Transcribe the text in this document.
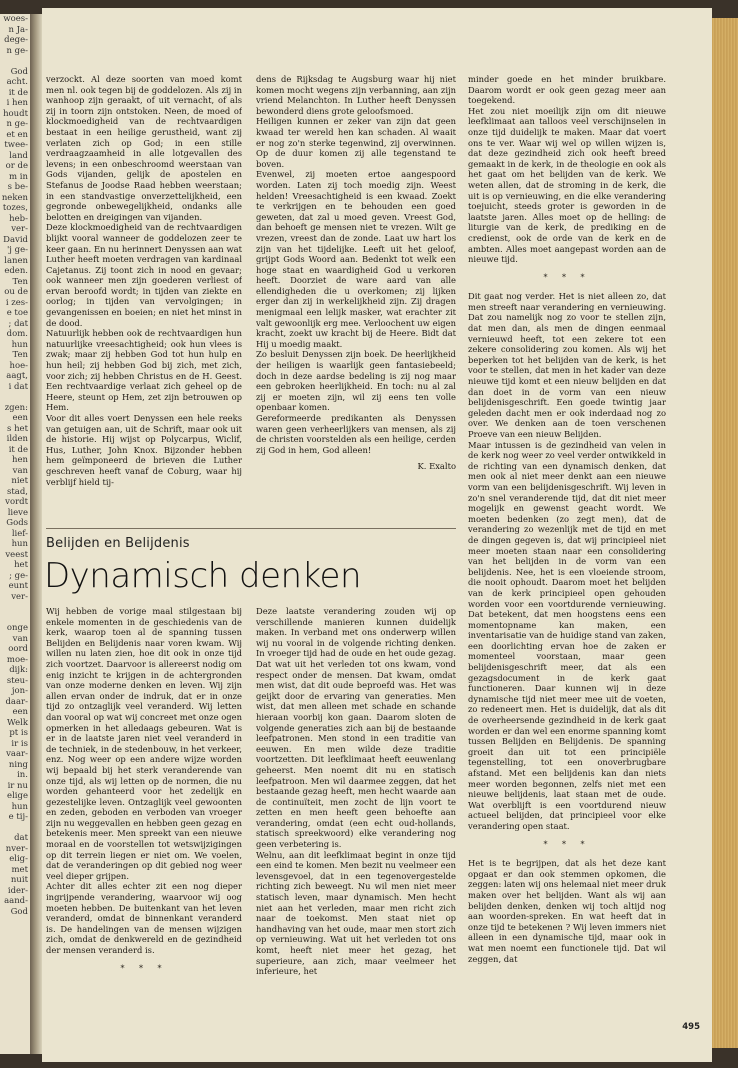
woes-
n Ja-
dege-
n ge-

God
acht.
it de
i hen
houdt
n ge-
et en
twee-
land
or de
m in
s be-
neken
tozes,
heb-
ver-
David
'j ge-
lanen
eden.
Ten
ou de
i zes-
e toe
; dat
dom.
hun
Ten
hoe-
aagt,
i dat

zgen:
een
s het
ilden
it de
hen
van
niet
stad,
vordt
lieve
Gods
lief-
hun
veest
het
; ge-
eunt
ver-

onge
van
oord
moe-
dijk:
steu-
jon-
daar-
een
Welk
pt is
ir is
vaar-
ning
in.
ir nu
elige
hun
e tij-

dat
nver-
elig-
met
nuit
ider-
aand-
God

verzockt. Al deze soorten van moed komt men nl. ook tegen bij de goddelozen. Als zij in wanhoop zijn geraakt, of uit vernacht, of als zij in toorn zijn ontstoken. Neen, de moed of klockmoedigheid van de rechtvaardigen bestaat in een heilige gerustheid, want zij verlaten zich op God; in een stille verdraagzaamheid in alle lotgevallen des levens; in een onbeschroomd weerstaan van Gods vijanden, gelijk de apostelen en Stefanus de Joodse Raad hebben weerstaan; in een standvastige onverzettelijkheid, een gegronde onbewegelijkheid, ondanks alle belotten en dreigingen van vijanden.

Deze klockmoedigheid van de rechtvaardigen blijkt vooral wanneer de goddelozen zeer te keer gaan. En nu herinnert Denyssen aan wat Luther heeft moeten verdragen van kardinaal Cajetanus. Zij toont zich in nood en gevaar; ook wanneer men zijn goederen verliest of ervan beroofd wordt; in tijden van ziekte en oorlog; in tijden van vervolgingen; in gevangenissen en boeien; en niet het minst in de dood.

Natuurlijk hebben ook de rechtvaardigen hun natuurlijke vreesachtigheid; ook hun vlees is zwak; maar zij hebben God tot hun hulp en hun heil; zij hebben God bij zich, met zich, voor zich; zij hebben Christus en de H. Geest. Een rechtvaardige verlaat zich geheel op de Heere, steunt op Hem, zet zijn betrouwen op Hem.

Voor dit alles voert Denyssen een hele reeks van getuigen aan, uit de Schrift, maar ook uit de historie. Hij wijst op Polycarpus, Wiclif, Hus, Luther, John Knox. Bijzonder hebben hem geïmponeerd de brieven die Luther geschreven heeft vanaf de Coburg, waar hij verblijf hield tij-

dens de Rijksdag te Augsburg waar hij niet komen mocht wegens zijn verbanning, aan zijn vriend Melanchton. In Luther heeft Denyssen bewonderd diens grote geloofsmoed.

Heiligen kunnen er zeker van zijn dat geen kwaad ter wereld hen kan schaden. Al waait er nog zo'n sterke tegenwind, zij overwinnen. Op de duur komen zij alle tegenstand te boven.

Evenwel, zij moeten ertoe aangespoord worden. Laten zij toch moedig zijn. Weest helden! Vreesachtigheid is een kwaad. Zoekt te verkrijgen en te behouden een goed geweten, dat zal u moed geven. Vreest God, dan behoeft ge mensen niet te vrezen. Wilt ge vrezen, vreest dan de zonde. Laat uw hart los zijn van het tijdelijke. Leeft uit het geloof, grijpt Gods Woord aan. Bedenkt tot welk een hoge staat en waardigheid God u verkoren heeft. Doorziet de ware aard van alle ellendigheden die u overkomen; zij lijken erger dan zij in werkelijkheid zijn. Zij dragen menigmaal een lelijk masker, wat erachter zit valt gewoonlijk erg mee. Verloochent uw eigen kracht, zoekt uw kracht bij de Heere. Bidt dat Hij u moedig maakt.

Zo besluit Denyssen zijn boek. De heerlijkheid der heiligen is waarlijk geen fantasiebeeld; doch in deze aardse bedeling is zij nog maar een gebroken heerlijkheid. En toch: nu al zal zij er moeten zijn, wil zij eens ten volle openbaar komen.

Gereformeerde predikanten als Denyssen waren geen verheerlijkers van mensen, als zij de christen voorstelden als een heilige, cerden zij God in hem, God alleen!

K. Exalto
Belijden en Belijdenis
Dynamisch denken

Wij hebben de vorige maal stilgestaan bij enkele momenten in de geschiedenis van de kerk, waarop toen al de spanning tussen Belijden en Belijdenis naar voren kwam. Wij willen nu laten zien, hoe dit ook in onze tijd zich voortzet. Daarvoor is allereerst nodig om enig inzicht te krijgen in de achtergronden van onze moderne denken en leven. Wij zijn allen ervan onder de indruk, dat er in onze tijd zo ontzaglijk veel veranderd. Wij letten dan vooral op wat wij concreet met onze ogen opmerken in het alledaags gebeuren. Wat is er in de laatste jaren niet veel veranderd in de techniek, in de stedenbouw, in het verkeer, enz. Nog weer op een andere wijze worden wij bepaald bij het sterk veranderende van onze tijd, als wij letten op de normen, die nu worden gehanteerd voor het zedelijk en gezestelijke leven. Ontzaglijk veel gewoonten en zeden, geboden en verboden van vroeger zijn nu weggevallen en hebben geen gezag en betekenis meer. Men spreekt van een nieuwe moraal en de voorstellen tot wetswijzigingen op dit terrein liegen er niet om. We voelen, dat de veranderingen op dit gebied nog weer veel dieper grijpen.

Achter dit alles echter zit een nog dieper ingrijpende verandering, waarvoor wij oog moeten hebben. De buitenkant van het leven veranderd, omdat de binnenkant veranderd is. De handelingen van de mensen wijzigen zich, omdat de denkwereld en de gezindheid der mensen veranderd is.

* * *

Deze laatste verandering zouden wij op verschillende manieren kunnen duidelijk maken. In verband met ons onderwerp willen wij nu vooral in de volgende richting denken. In vroeger tijd had de oude en het oude gezag. Dat wat uit het verleden tot ons kwam, vond respect onder de mensen. Dat kwam, omdat men wist, dat dit oude beproefd was. Het was geijkt door de ervaring van generaties. Men wist, dat men alleen met schade en schande hieraan voorbij kon gaan. Daarom sloten de volgende generaties zich aan bij de bestaande leefpatronen. Men stond in een traditie van eeuwen. En men wilde deze traditie voortzetten. Dit leefklimaat heeft eeuwenlang geheerst. Men noemt dit nu en statisch leefpatroon. Men wil daarmee zeggen, dat het bestaande gezag heeft, men hecht waarde aan de continuïteit, men zocht de lijn voort te zetten en men heeft geen behoefte aan verandering, omdat (een echt oud-hollands, statisch spreekwoord) elke verandering nog geen verbetering is.

Welnu, aan dit leefklimaat begint in onze tijd een eind te komen. Men bezit nu veelmeer een levensgevoel, dat in een tegenovergestelde richting zich beweegt. Nu wil men niet meer statisch leven, maar dynamisch. Men hecht niet aan het verleden, maar men richt zich naar de toekomst. Men staat niet op handhaving van het oude, maar men stort zich op vernieuwing. Wat uit het verleden tot ons komt, heeft niet meer het gezag, het superieure, aan zich, maar veelmeer het inferieure, het

minder goede en het minder bruikbare. Daarom wordt er ook geen gezag meer aan toegekend.

Het zou niet moeilijk zijn om dit nieuwe leefklimaat aan talloos veel verschijnselen in onze tijd duidelijk te maken. Maar dat voert ons te ver. Waar wij wel op willen wijzen is, dat deze gezindheid zich ook heeft breed gemaakt in de kerk, in de theologie en ook als het gaat om het belijden van de kerk. We weten allen, dat de stroming in de kerk, die uit is op vernieuwing, en die elke verandering toejuicht, steeds groter is geworden in de laatste jaren. Alles moet op de helling: de liturgie van de kerk, de prediking en de credienst, ook de orde van de kerk en de ambten. Alles moet aangepast worden aan de nieuwe tijd.

* * *

Dit gaat nog verder. Het is niet alleen zo, dat men streeft naar verandering en vernieuwing. Dat zou namelijk nog zo voor te stellen zijn, dat men dan, als men de dingen eenmaal vernieuwd heeft, tot een zekere tot een zekere consolidering zou komen. Als wij het beperken tot het belijden van de kerk, is het voor te stellen, dat men in het kader van deze nieuwe tijd komt et een nieuw belijden en dat dan doet in de vorm van een nieuw belijdenisgeschrift. Een goede twintig jaar geleden dacht men er ook inderdaad nog zo over. We denken aan de toen verschenen Proeve van een nieuw Belijden.

Maar intussen is de gezindheid van velen in de kerk nog weer zo veel verder ontwikkeld in de richting van een dynamisch denken, dat men ook al niet meer denkt aan een nieuwe vorm van een belijdenisgeschrift. Wij leven in zo'n snel veranderende tijd, dat dit niet meer mogelijk en gewenst geacht wordt. We moeten bedenken (zo zegt men), dat de verandering zo wezenlijk met de tijd en met de dingen gegeven is, dat wij principieel niet meer moeten staan naar een consolidering van het belijden in de vorm van een belijdenis. Nee, het is een vloeiende stroom, die nooit ophoudt. Daarom moet het belijden van de kerk principieel open gehouden worden voor een voortdurende vernieuwing. Dat betekent, dat men hoogstens eens een momentopname kan maken, een inventarisatie van de huidige stand van zaken, een doorlichting ervan hoe de zaken er momenteel voorstaan, maar geen belijdenisgeschrift meer, dat als een gezagsdocument in de kerk gaat functioneren. Daar kunnen wij in deze dynamische tijd niet meer mee uit de voeten, zo redeneert men. Het is duidelijk, dat als dit de overheersende gezindheid in de kerk gaat worden er dan wel een enorme spanning komt tussen Belijden en Belijdenis. De spanning groeit dan uit tot een principiële tegenstelling, tot een onoverbrugbare afstand. Met een belijdenis kan dan niets meer worden begonnen, zelfs niet met een nieuwe belijdenis, laat staan met de oude. Wat overblijft is een voortdurend nieuw actueel belijden, dat principieel voor elke verandering open staat.

* * *

Het is te begrijpen, dat als het deze kant opgaat er dan ook stemmen opkomen, die zeggen: laten wij ons helemaal niet meer druk maken over het belijden. Want als wij aan belijden denken, denken wij toch altijd nog aan woorden-spreken. En wat heeft dat in onze tijd te betekenen ? Wij leven immers niet alleen in een dynamische tijd, maar ook in wat men noemt een functionele tijd. Dat wil zeggen, dat

495
